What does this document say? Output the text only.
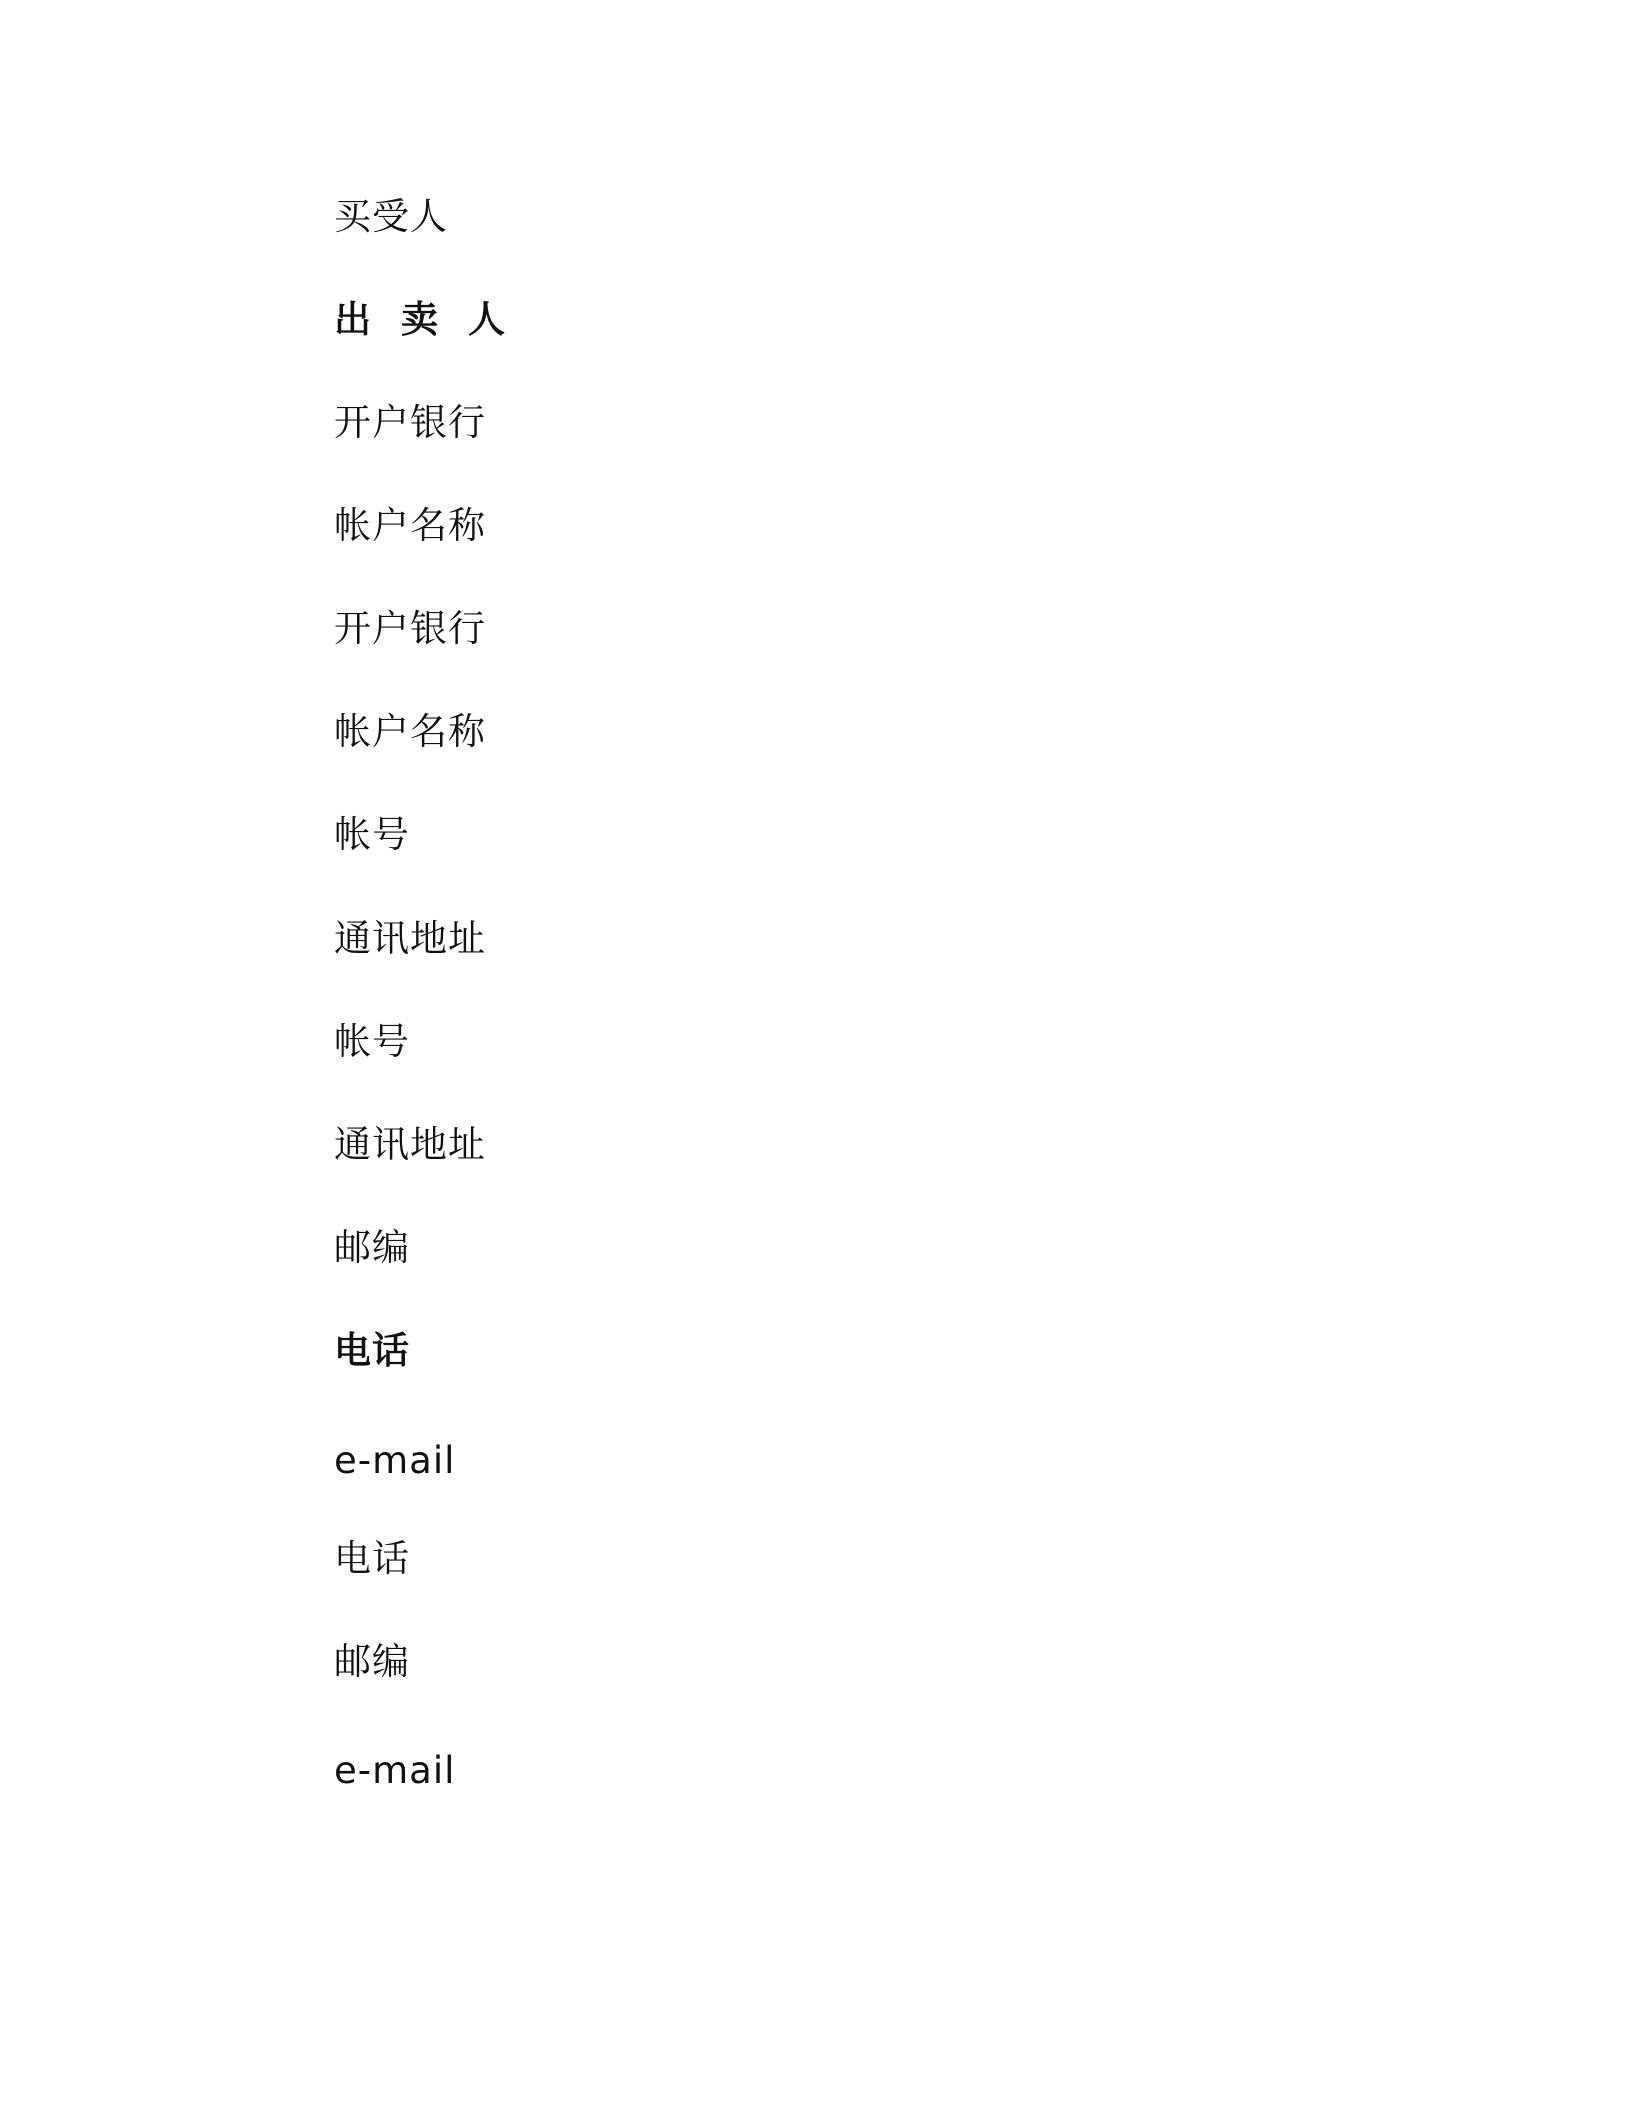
买受人
出卖人
开户银行
帐户名称
开户银行
帐户名称
帐号
通讯地址
帐号
通讯地址
邮编
电话
e-mail
电话
邮编
e-mail
